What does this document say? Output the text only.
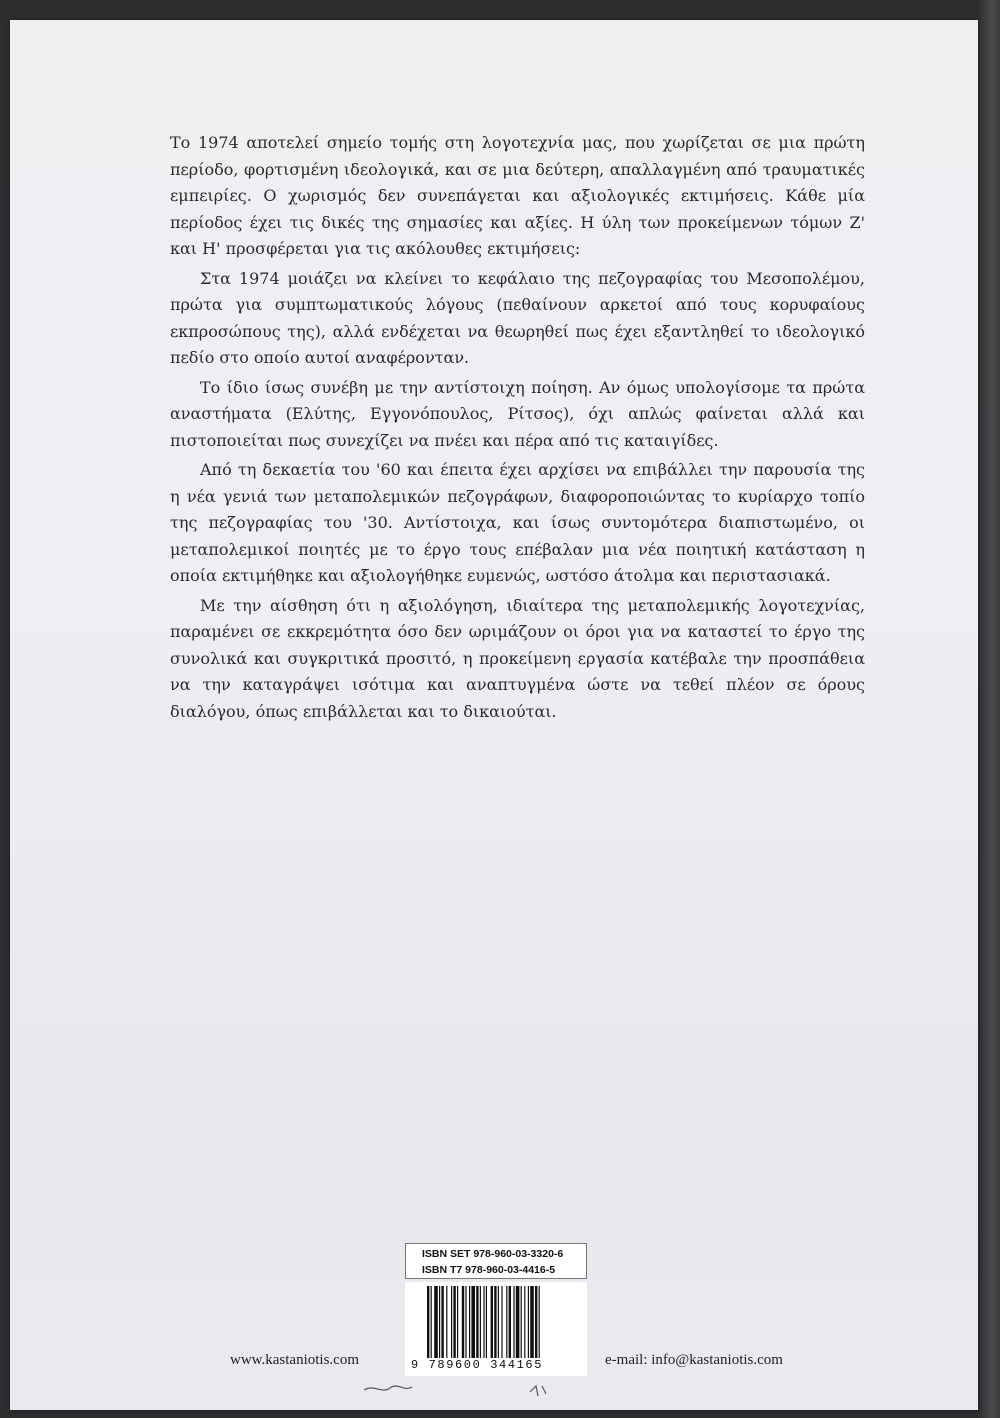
Το 1974 αποτελεί σημείο τομής στη λογοτεχνία μας, που χωρίζεται σε μια πρώτη περίοδο, φορτισμένη ιδεολογικά, και σε μια δεύτερη, απαλλαγμένη από τραυματικές εμπειρίες. Ο χωρισμός δεν συνεπάγεται και αξιολογικές εκτιμήσεις. Κάθε μία περίοδος έχει τις δικές της σημασίες και αξίες. Η ύλη των προκείμενων τόμων Ζ' και Η' προσφέρεται για τις ακόλουθες εκτιμήσεις:

Στα 1974 μοιάζει να κλείνει το κεφάλαιο της πεζογραφίας του Μεσοπολέμου, πρώτα για συμπτωματικούς λόγους (πεθαίνουν αρκετοί από τους κορυφαίους εκπροσώπους της), αλλά ενδέχεται να θεωρηθεί πως έχει εξαντληθεί το ιδεολογικό πεδίο στο οποίο αυτοί αναφέρονταν.

Το ίδιο ίσως συνέβη με την αντίστοιχη ποίηση. Αν όμως υπολογίσομε τα πρώτα αναστήματα (Ελύτης, Εγγονόπουλος, Ρίτσος), όχι απλώς φαίνεται αλλά και πιστοποιείται πως συνεχίζει να πνέει και πέρα από τις καταιγίδες.

Από τη δεκαετία του '60 και έπειτα έχει αρχίσει να επιβάλλει την παρουσία της η νέα γενιά των μεταπολεμικών πεζογράφων, διαφοροποιώντας το κυρίαρχο τοπίο της πεζογραφίας του '30. Αντίστοιχα, και ίσως συντομότερα διαπιστωμένο, οι μεταπολεμικοί ποιητές με το έργο τους επέβαλαν μια νέα ποιητική κατάσταση η οποία εκτιμήθηκε και αξιολογήθηκε ευμενώς, ωστόσο άτολμα και περιστασιακά.

Με την αίσθηση ότι η αξιολόγηση, ιδιαίτερα της μεταπολεμικής λογοτεχνίας, παραμένει σε εκκρεμότητα όσο δεν ωριμάζουν οι όροι για να καταστεί το έργο της συνολικά και συγκριτικά προσιτό, η προκείμενη εργασία κατέβαλε την προσπάθεια να την καταγράψει ισότιμα και αναπτυγμένα ώστε να τεθεί πλέον σε όρους διαλόγου, όπως επιβάλλεται και το δικαιούται.

ISBN SET 978-960-03-3320-6
ISBN T7 978-960-03-4416-5
9 789600 344165
www.kastaniotis.com	e-mail: info@kastaniotis.com
